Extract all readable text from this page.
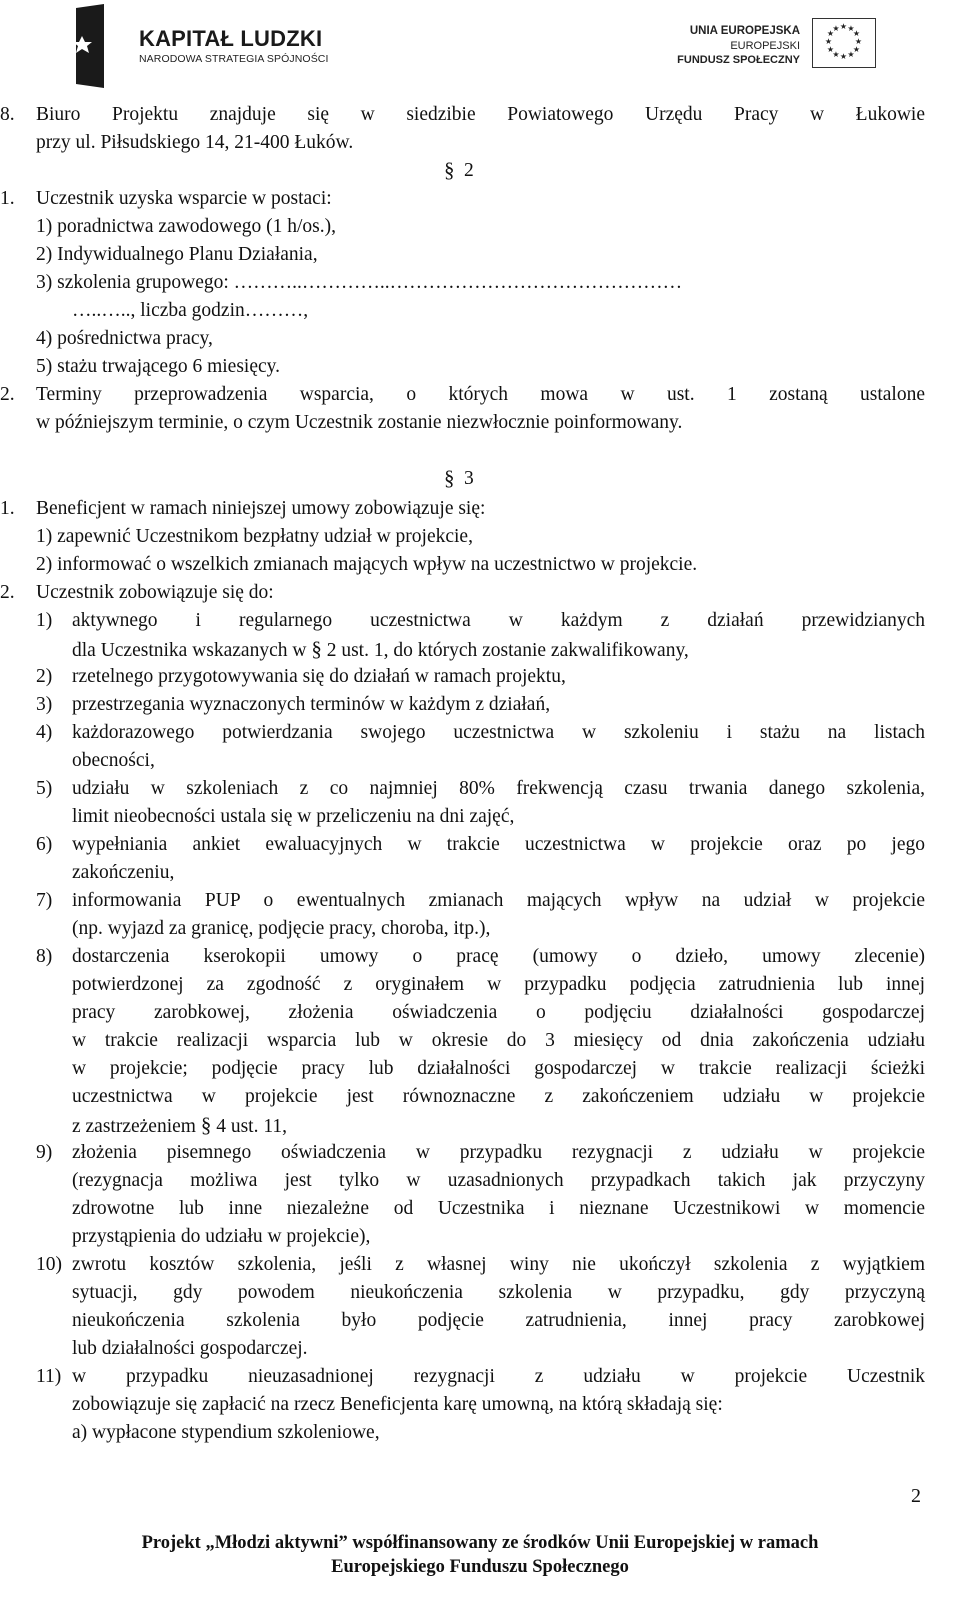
KAPITAŁ LUDZKI
NARODOWA STRATEGIA SPÓJNOŚCI
UNIA EUROPEJSKA
EUROPEJSKI
FUNDUSZ SPOŁECZNY
★ ★
★
★
★
★
★
★
★
★
★
★
8. Biuro Projektu znajduje się w siedzibie Powiatowego Urzędu Pracy w Łukowie
przy ul. Piłsudskiego 14, 21-400 Łuków.
§ 2
1. Uczestnik uzyska wsparcie w postaci:
1) poradnictwa zawodowego (1 h/os.),
2) Indywidualnego Planu Działania,
3) szkolenia grupowego: ………..…………..………………………………………
…..….., liczba godzin………,
4) pośrednictwa pracy,
5) stażu trwającego 6 miesięcy.
2. Terminy przeprowadzenia wsparcia, o których mowa w ust. 1 zostaną ustalone
w późniejszym terminie, o czym Uczestnik zostanie niezwłocznie poinformowany.
§ 3
1. Beneficjent w ramach niniejszej umowy zobowiązuje się:
1) zapewnić Uczestnikom bezpłatny udział w projekcie,
2) informować o wszelkich zmianach mających wpływ na uczestnictwo w projekcie.
2. Uczestnik zobowiązuje się do:
1) aktywnego i regularnego uczestnictwa w każdym z działań przewidzianych
dla Uczestnika wskazanych w § 2 ust. 1, do których zostanie zakwalifikowany,
2) rzetelnego przygotowywania się do działań w ramach projektu,
3) przestrzegania wyznaczonych terminów w każdym z działań,
4) każdorazowego potwierdzania swojego uczestnictwa w szkoleniu i stażu na listach
obecności,
5) udziału w szkoleniach z co najmniej 80% frekwencją czasu trwania danego szkolenia,
limit nieobecności ustala się w przeliczeniu na dni zajęć,
6) wypełniania ankiet ewaluacyjnych w trakcie uczestnictwa w projekcie oraz po jego
zakończeniu,
7) informowania PUP o ewentualnych zmianach mających wpływ na udział w projekcie
(np. wyjazd za granicę, podjęcie pracy, choroba, itp.),
8) dostarczenia kserokopii umowy o pracę (umowy o dzieło, umowy zlecenie)
potwierdzonej za zgodność z oryginałem w przypadku podjęcia zatrudnienia lub innej
pracy zarobkowej, złożenia oświadczenia o podjęciu działalności gospodarczej
w trakcie realizacji wsparcia lub w okresie do 3 miesięcy od dnia zakończenia udziału
w projekcie; podjęcie pracy lub działalności gospodarczej w trakcie realizacji ścieżki
uczestnictwa w projekcie jest równoznaczne z zakończeniem udziału w projekcie
z zastrzeżeniem § 4 ust. 11,
9) złożenia pisemnego oświadczenia w przypadku rezygnacji z udziału w projekcie
(rezygnacja możliwa jest tylko w uzasadnionych przypadkach takich jak przyczyny
zdrowotne lub inne niezależne od Uczestnika i nieznane Uczestnikowi w momencie
przystąpienia do udziału w projekcie),
10) zwrotu kosztów szkolenia, jeśli z własnej winy nie ukończył szkolenia z wyjątkiem
sytuacji, gdy powodem nieukończenia szkolenia w przypadku, gdy przyczyną
nieukończenia szkolenia było podjęcie zatrudnienia, innej pracy zarobkowej
lub działalności gospodarczej.
11) w przypadku nieuzasadnionej rezygnacji z udziału w projekcie Uczestnik
zobowiązuje się zapłacić na rzecz Beneficjenta karę umowną, na którą składają się:
a) wypłacone stypendium szkoleniowe,
2
Projekt „Młodzi aktywni” współfinansowany ze środków Unii Europejskiej w ramach
Europejskiego Funduszu Społecznego
